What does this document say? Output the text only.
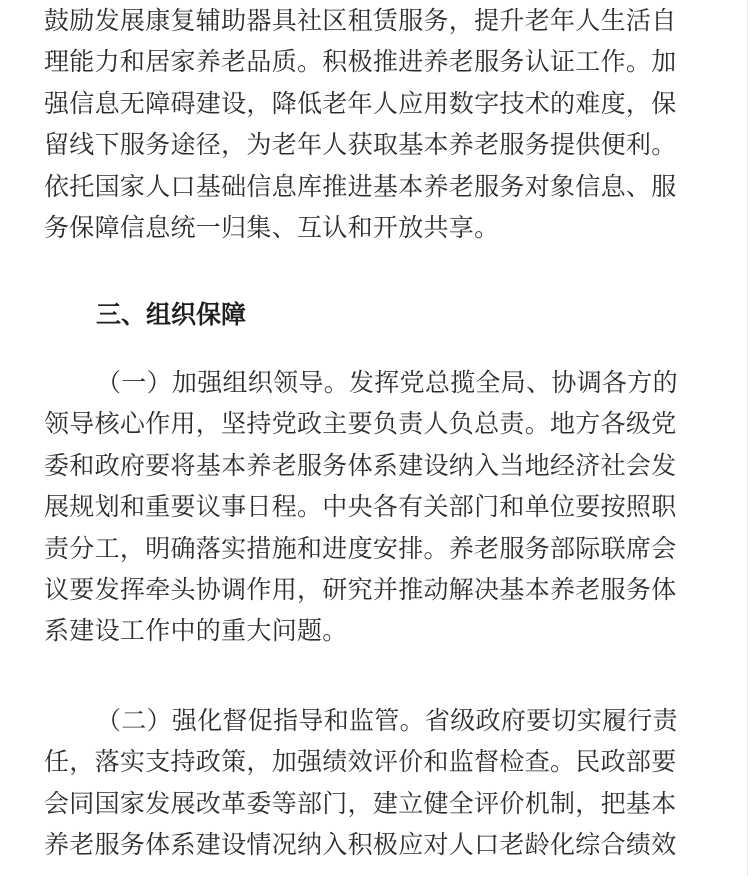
鼓励发展康复辅助器具社区租赁服务，提升老年人生活自
理能力和居家养老品质。积极推进养老服务认证工作。加
强信息无障碍建设，降低老年人应用数字技术的难度，保
留线下服务途径，为老年人获取基本养老服务提供便利。
依托国家人口基础信息库推进基本养老服务对象信息、服
务保障信息统一归集、互认和开放共享。
三、组织保障
（一）加强组织领导。发挥党总揽全局、协调各方的
领导核心作用，坚持党政主要负责人负总责。地方各级党
委和政府要将基本养老服务体系建设纳入当地经济社会发
展规划和重要议事日程。中央各有关部门和单位要按照职
责分工，明确落实措施和进度安排。养老服务部际联席会
议要发挥牵头协调作用，研究并推动解决基本养老服务体
系建设工作中的重大问题。
（二）强化督促指导和监管。省级政府要切实履行责
任，落实支持政策，加强绩效评价和监督检查。民政部要
会同国家发展改革委等部门，建立健全评价机制，把基本
养老服务体系建设情况纳入积极应对人口老龄化综合绩效
